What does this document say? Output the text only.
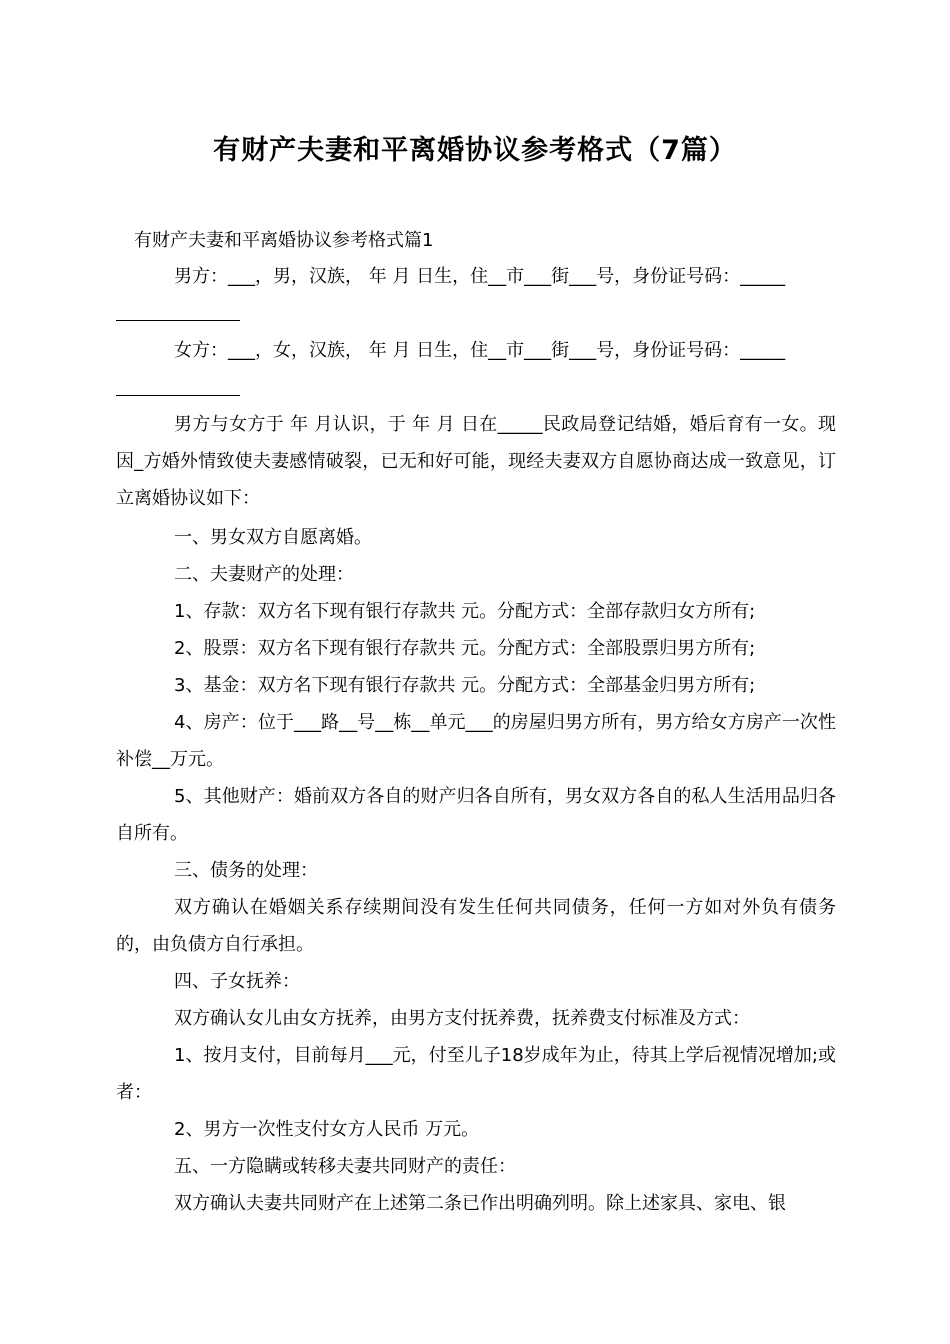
有财产夫妻和平离婚协议参考格式（7篇）
有财产夫妻和平离婚协议参考格式篇1
男方：___，男，汉族， 年 月 日生，住__市___街___号，身份证号码：_____
女方：___，女，汉族， 年 月 日生，住__市___街___号，身份证号码：_____

男方与女方于 年 月认识，于 年 月 日在_____民政局登记结婚，婚后育有一女。现因_方婚外情致使夫妻感情破裂，已无和好可能，现经夫妻双方自愿协商达成一致意见，订立离婚协议如下：

一、男女双方自愿离婚。
二、夫妻财产的处理：
1、存款：双方名下现有银行存款共 元。分配方式：全部存款归女方所有;
2、股票：双方名下现有银行存款共 元。分配方式：全部股票归男方所有;
3、基金：双方名下现有银行存款共 元。分配方式：全部基金归男方所有;

4、房产：位于___路__号__栋__单元___的房屋归男方所有，男方给女方房产一次性补偿__万元。

5、其他财产：婚前双方各自的财产归各自所有，男女双方各自的私人生活用品归各自所有。

三、债务的处理：

双方确认在婚姻关系存续期间没有发生任何共同债务，任何一方如对外负有债务的，由负债方自行承担。

四、子女抚养：
双方确认女儿由女方抚养，由男方支付抚养费，抚养费支付标准及方式：

1、按月支付，目前每月___元，付至儿子18岁成年为止，待其上学后视情况增加;或者：

2、男方一次性支付女方人民币 万元。
五、一方隐瞒或转移夫妻共同财产的责任：
双方确认夫妻共同财产在上述第二条已作出明确列明。除上述家具、家电、银
